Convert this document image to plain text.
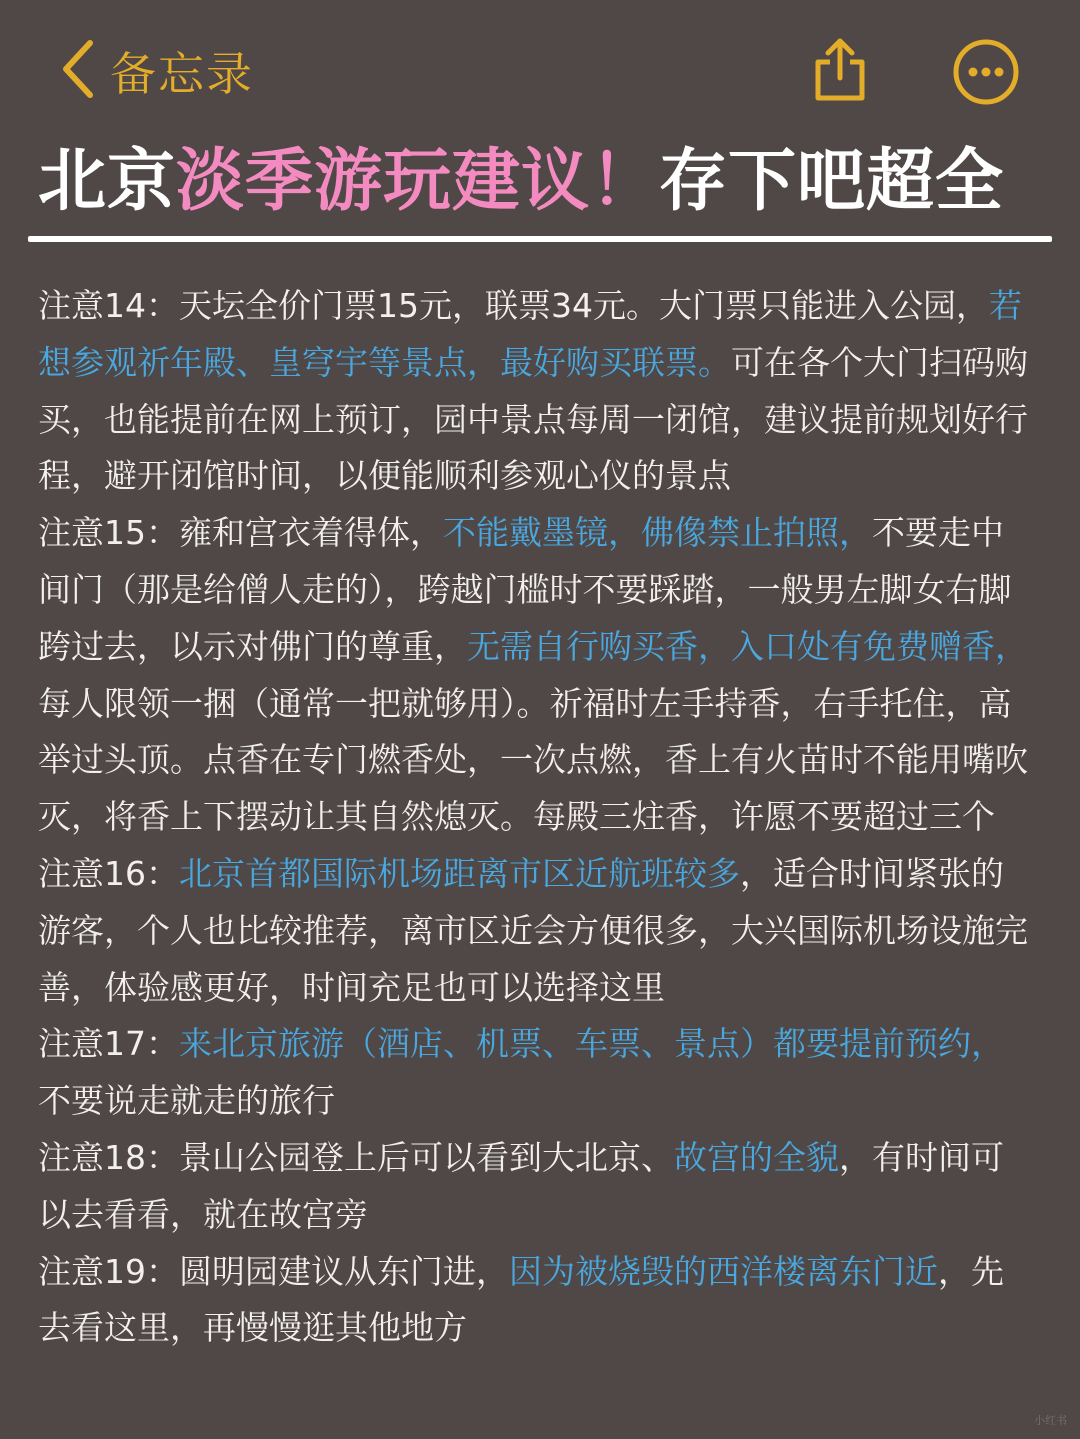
备忘录
北京淡季游玩建议！存下吧超全

注意14：天坛全价门票15元，联票34元。大门票只能进入公园，若想参观祈年殿、皇穹宇等景点，最好购买联票。可在各个大门扫码购买，也能提前在网上预订，园中景点每周一闭馆，建议提前规划好行程，避开闭馆时间，以便能顺利参观心仪的景点

注意15：雍和宫衣着得体，不能戴墨镜，佛像禁止拍照，不要走中间门（那是给僧人走的），跨越门槛时不要踩踏，一般男左脚女右脚跨过去，以示对佛门的尊重，无需自行购买香，入口处有免费赠香，每人限领一捆（通常一把就够用）。祈福时左手持香，右手托住，高举过头顶。点香在专门燃香处，一次点燃，香上有火苗时不能用嘴吹灭，将香上下摆动让其自然熄灭。每殿三炷香，许愿不要超过三个

注意16：北京首都国际机场距离市区近航班较多，适合时间紧张的游客，个人也比较推荐，离市区近会方便很多，大兴国际机场设施完善，体验感更好，时间充足也可以选择这里

注意17：来北京旅游（酒店、机票、车票、景点）都要提前预约，不要说走就走的旅行

注意18：景山公园登上后可以看到大北京、故宫的全貌，有时间可以去看看，就在故宫旁

注意19：圆明园建议从东门进，因为被烧毁的西洋楼离东门近，先去看这里，再慢慢逛其他地方

小红书
